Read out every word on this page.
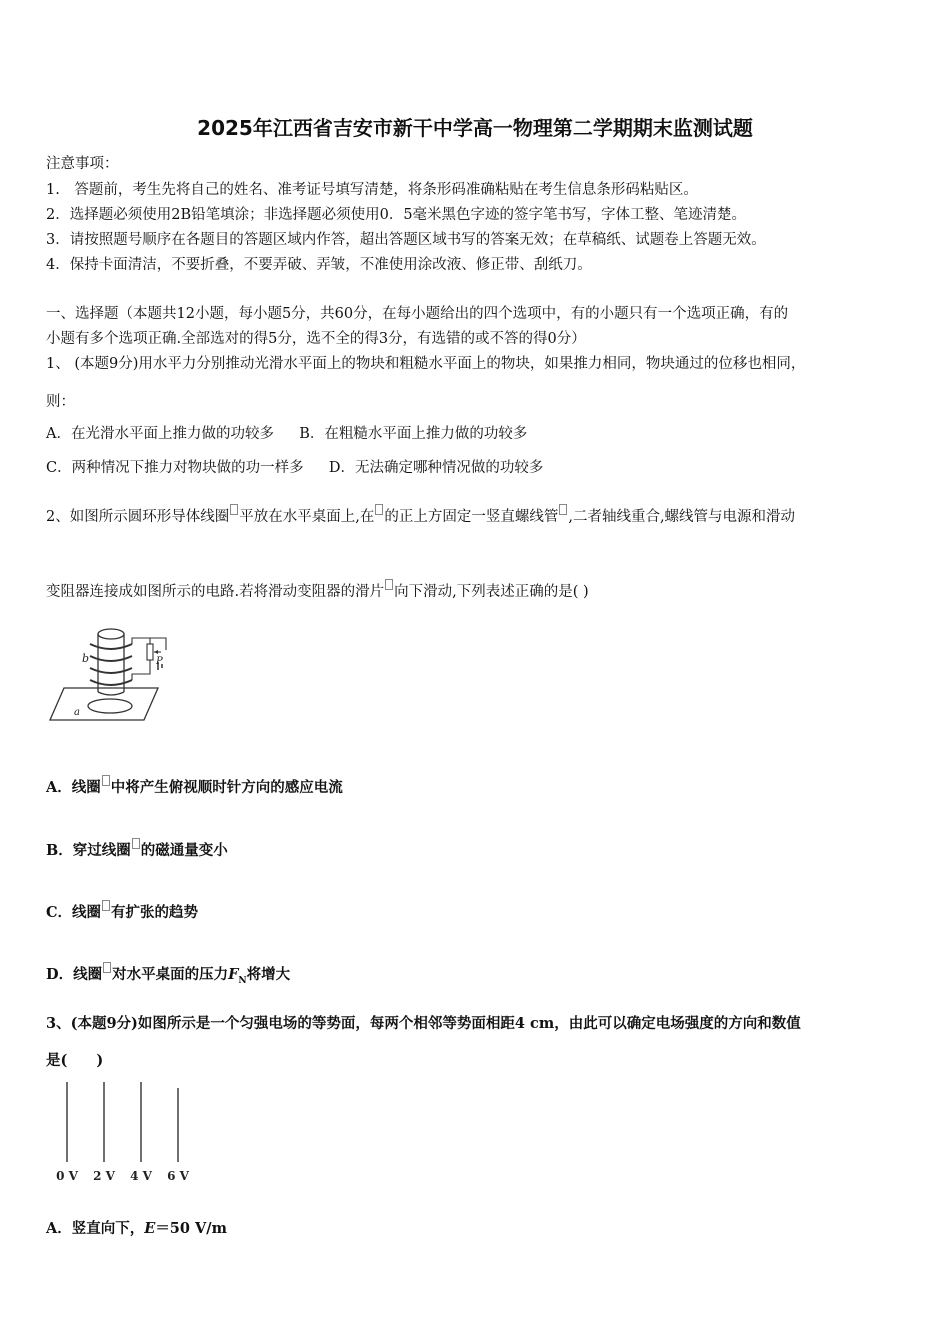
2025年江西省吉安市新干中学高一物理第二学期期末监测试题
注意事项：
1.　答题前，考生先将自己的姓名、准考证号填写清楚，将条形码准确粘贴在考生信息条形码粘贴区。
2．选择题必须使用2B铅笔填涂；非选择题必须使用0．5毫米黑色字迹的签字笔书写，字体工整、笔迹清楚。
3．请按照题号顺序在各题目的答题区域内作答，超出答题区域书写的答案无效；在草稿纸、试题卷上答题无效。
4．保持卡面清洁，不要折叠，不要弄破、弄皱，不准使用涂改液、修正带、刮纸刀。
一、选择题（本题共12小题，每小题5分，共60分，在每小题给出的四个选项中，有的小题只有一个选项正确，有的
小题有多个选项正确.全部选对的得5分，选不全的得3分，有选错的或不答的得0分）
1、 (本题9分)用水平力分别推动光滑水平面上的物块和粗糙水平面上的物块，如果推力相同，物块通过的位移也相同，
则：
A．在光滑水平面上推力做的功较多 B．在粗糙水平面上推力做的功较多
C．两种情况下推力对物块做的功一样多 D．无法确定哪种情况做的功较多
2、如图所示圆环形导体线圈 平放在水平桌面上,在 的正上方固定一竖直螺线管 ,二者轴线重合,螺线管与电源和滑动
变阻器连接成如图所示的电路.若将滑动变阻器的滑片 向下滑动,下列表述正确的是( )
b	P
a
A．线圈 中将产生俯视顺时针方向的感应电流
B．穿过线圈 的磁通量变小
C．线圈 有扩张的趋势
D．线圈 对水平桌面的压力$F_N$将增大
3、(本题9分)如图所示是一个匀强电场的等势面，每两个相邻等势面相距4 cm，由此可以确定电场强度的方向和数值
是(　　)
0 V 2 V 4 V 6 V
A．竖直向下，E＝50 V/m
